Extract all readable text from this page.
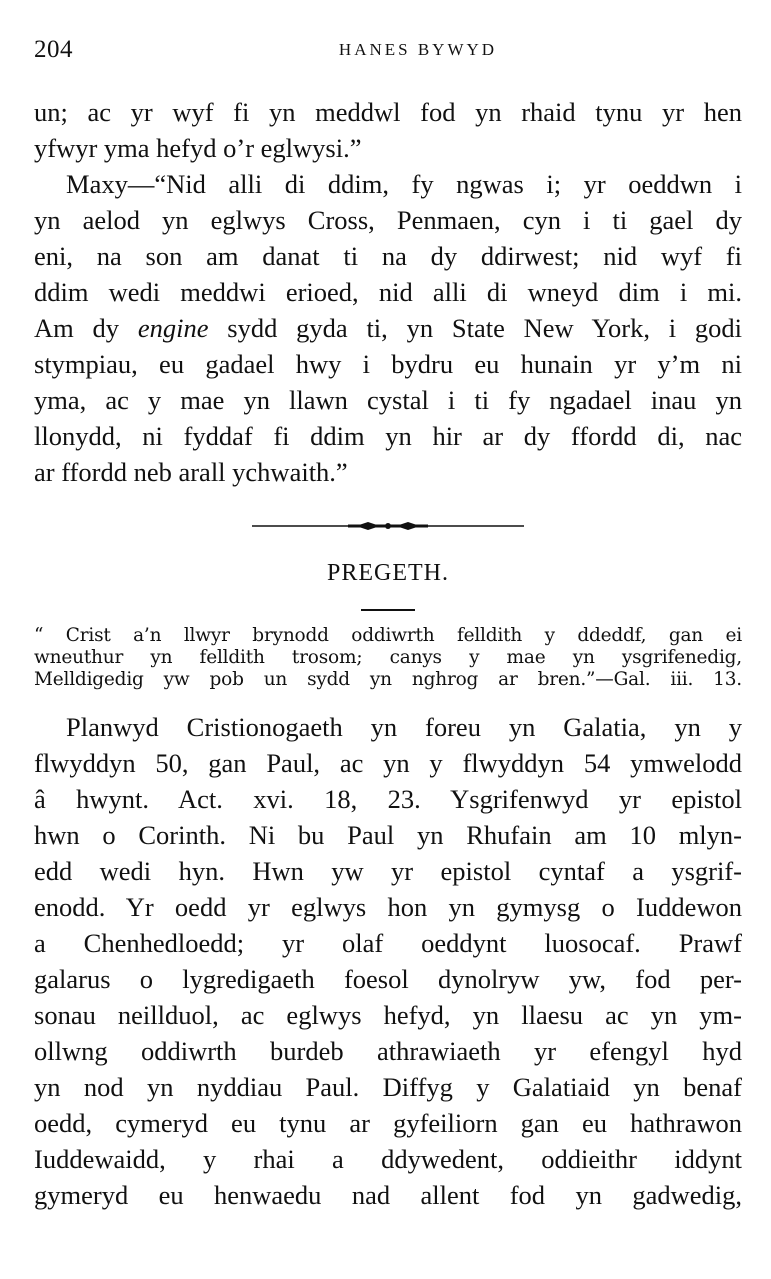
204	HANES BYWYD
un; ac yr wyf fi yn meddwl fod yn rhaid tynu yr hen
yfwyr yma hefyd o’r eglwysi.”
Maxy—“Nid alli di ddim, fy ngwas i; yr oeddwn i
yn aelod yn eglwys Cross, Penmaen, cyn i ti gael dy
eni, na son am danat ti na dy ddirwest; nid wyf fi
ddim wedi meddwi erioed, nid alli di wneyd dim i mi.
Am dy engine sydd gyda ti, yn State New York, i godi
stympiau, eu gadael hwy i bydru eu hunain yr y’m ni
yma, ac y mae yn llawn cystal i ti fy ngadael inau yn
llonydd, ni fyddaf fi ddim yn hir ar dy ffordd di, nac
ar ffordd neb arall ychwaith.”
PREGETH.
“ Crist a’n llwyr brynodd oddiwrth felldith y ddeddf, gan ei
wneuthur yn felldith trosom; canys y mae yn ysgrifenedig,
Melldigedig yw pob un sydd yn nghrog ar bren.”—Gal. iii. 13.
Planwyd Cristionogaeth yn foreu yn Galatia, yn y
flwyddyn 50, gan Paul, ac yn y flwyddyn 54 ymwelodd
â hwynt. Act. xvi. 18, 23. Ysgrifenwyd yr epistol
hwn o Corinth. Ni bu Paul yn Rhufain am 10 mlyn-
edd wedi hyn. Hwn yw yr epistol cyntaf a ysgrif-
enodd. Yr oedd yr eglwys hon yn gymysg o Iuddewon
a Chenhedloedd; yr olaf oeddynt luosocaf. Prawf
galarus o lygredigaeth foesol dynolryw yw, fod per-
sonau neillduol, ac eglwys hefyd, yn llaesu ac yn ym-
ollwng oddiwrth burdeb athrawiaeth yr efengyl hyd
yn nod yn nyddiau Paul. Diffyg y Galatiaid yn benaf
oedd, cymeryd eu tynu ar gyfeiliorn gan eu hathrawon
Iuddewaidd, y rhai a ddywedent, oddieithr iddynt
gymeryd eu henwaedu nad allent fod yn gadwedig,
